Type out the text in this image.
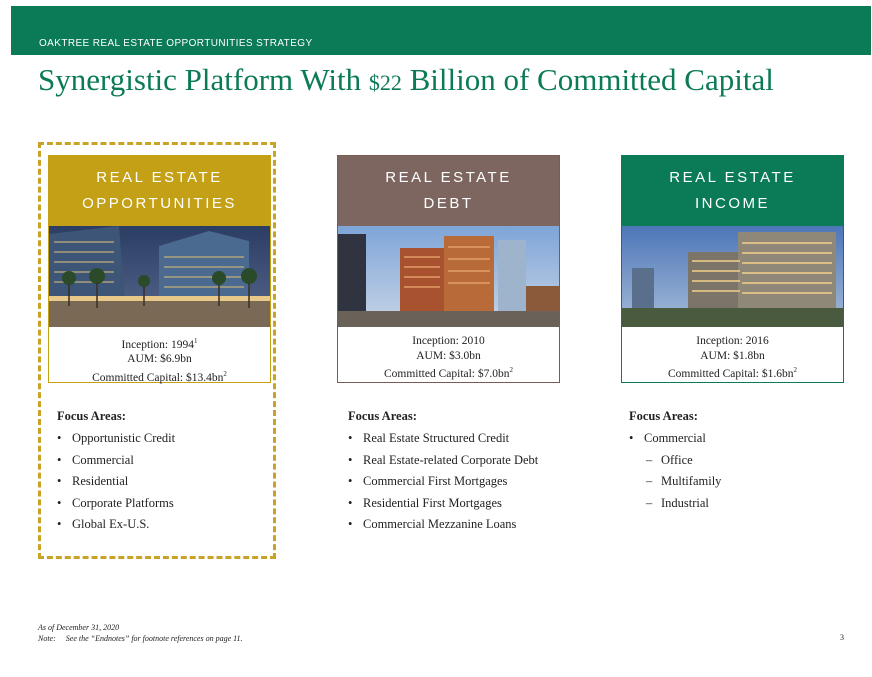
OAKTREE REAL ESTATE OPPORTUNITIES STRATEGY
Synergistic Platform With $22 Billion of Committed Capital
REAL ESTATE
OPPORTUNITIES
Inception: 1994$^1$
AUM: $6.9bn
Committed Capital: $\$13.4bn^2$
REAL ESTATE
DEBT
Inception: 2010
AUM: $3.0bn
Committed Capital: $\$7.0bn^2$
REAL ESTATE
INCOME
Inception: 2016
AUM: $1.8bn
Committed Capital: $\$1.6bn^2$
Focus Areas:
• Opportunistic Credit
• Commercial
• Residential
• Corporate Platforms
• Global Ex-U.S.
Focus Areas:
• Real Estate Structured Credit
• Real Estate-related Corporate Debt
• Commercial First Mortgages
• Residential First Mortgages
• Commercial Mezzanine Loans
Focus Areas:
• Commercial
– Office
– Multifamily
– Industrial
As of December 31, 2020
Note:     See the “Endnotes” for footnote references on page 11.	3
